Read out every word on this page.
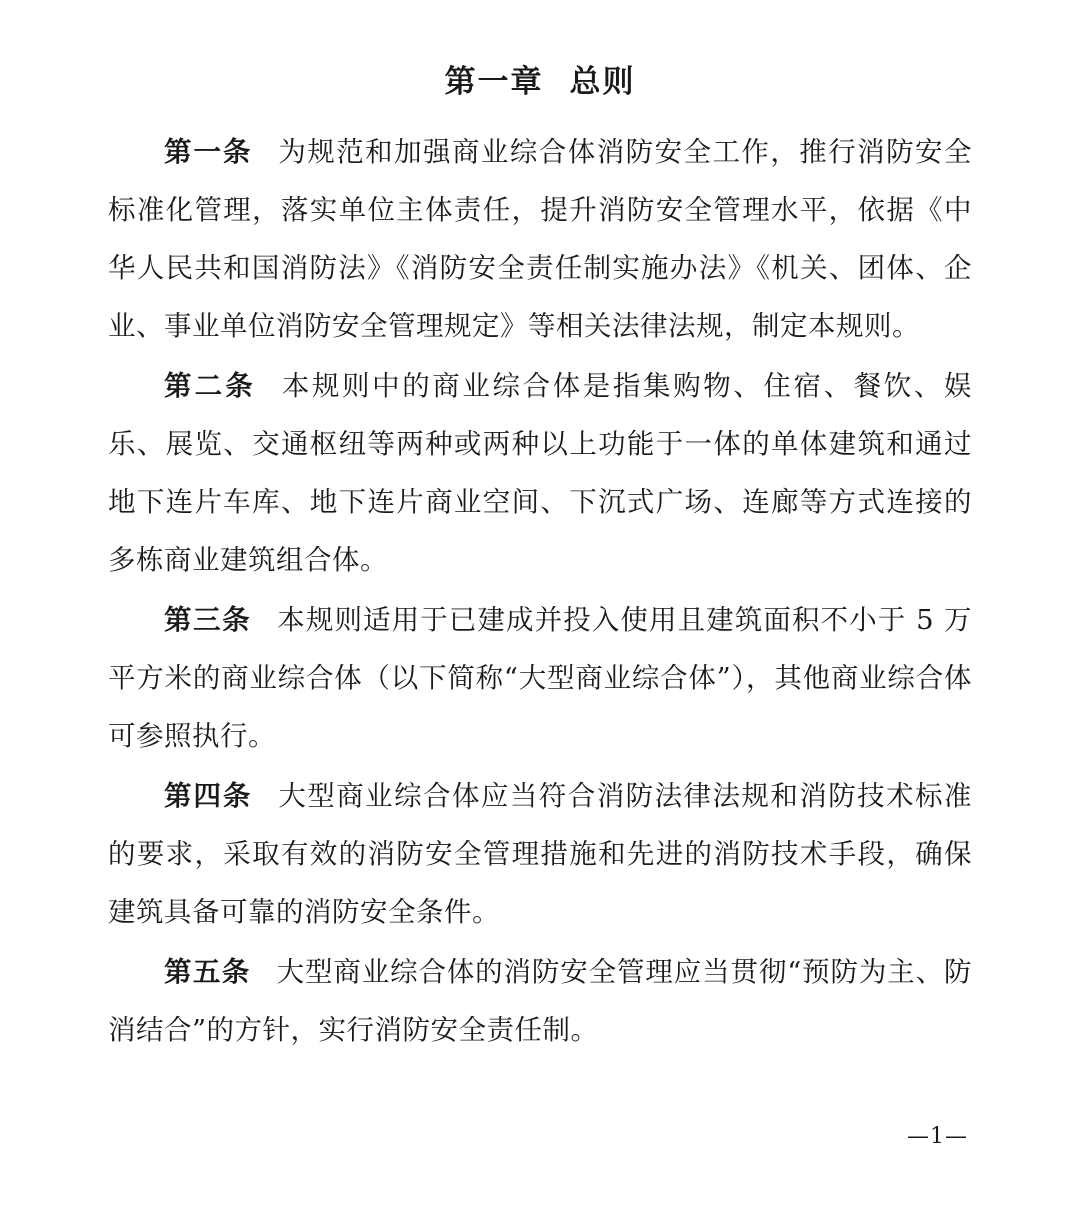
第一章 总则

第一条 为规范和加强商业综合体消防安全工作，推行消防安全标准化管理，落实单位主体责任，提升消防安全管理水平，依据《中华人民共和国消防法》《消防安全责任制实施办法》《机关、团体、企业、事业单位消防安全管理规定》等相关法律法规，制定本规则。

第二条 本规则中的商业综合体是指集购物、住宿、餐饮、娱乐、展览、交通枢纽等两种或两种以上功能于一体的单体建筑和通过地下连片车库、地下连片商业空间、下沉式广场、连廊等方式连接的多栋商业建筑组合体。

第三条 本规则适用于已建成并投入使用且建筑面积不小于 5 万平方米的商业综合体（以下简称“大型商业综合体”），其他商业综合体可参照执行。

第四条 大型商业综合体应当符合消防法律法规和消防技术标准的要求，采取有效的消防安全管理措施和先进的消防技术手段，确保建筑具备可靠的消防安全条件。

第五条 大型商业综合体的消防安全管理应当贯彻“预防为主、防消结合”的方针，实行消防安全责任制。

—1—
